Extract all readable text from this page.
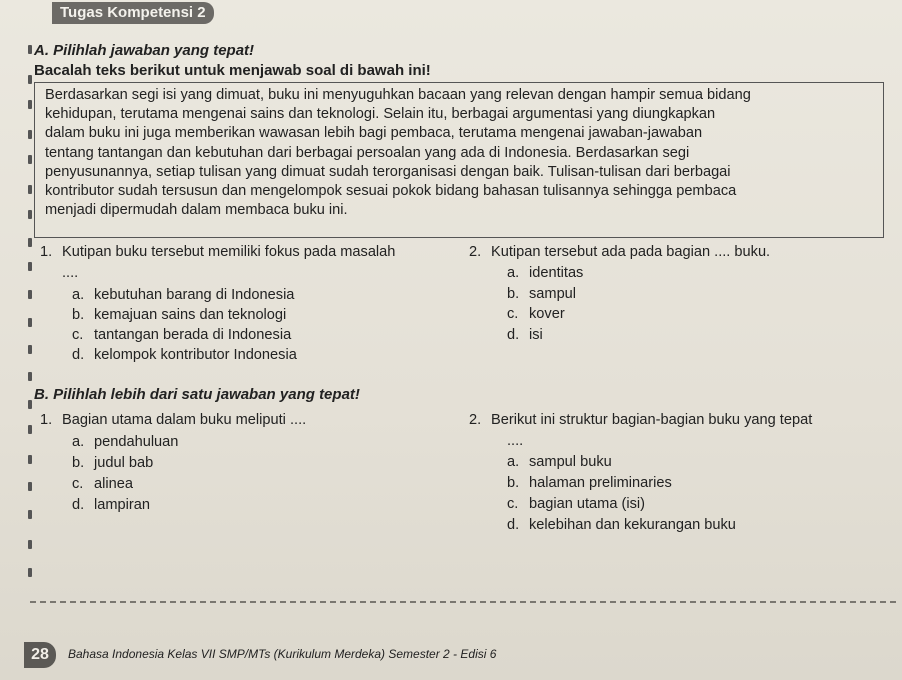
Tugas Kompetensi 2
A. Pilihlah jawaban yang tepat!
Bacalah teks berikut untuk menjawab soal di bawah ini!

Berdasarkan segi isi yang dimuat, buku ini menyuguhkan bacaan yang relevan dengan hampir semua bidang

kehidupan, terutama mengenai sains dan teknologi. Selain itu, berbagai argumentasi yang diungkapkan

dalam buku ini juga memberikan wawasan lebih bagi pembaca, terutama mengenai jawaban-jawaban

tentang tantangan dan kebutuhan dari berbagai persoalan yang ada di Indonesia. Berdasarkan segi

penyusunannya, setiap tulisan yang dimuat sudah terorganisasi dengan baik. Tulisan-tulisan dari berbagai

kontributor sudah tersusun dan mengelompok sesuai pokok bidang bahasan tulisannya sehingga pembaca

menjadi dipermudah dalam membaca buku ini.

1. Kutipan buku tersebut memiliki fokus pada masalah
....
a. kebutuhan barang di Indonesia
b. kemajuan sains dan teknologi
c. tantangan berada di Indonesia
d. kelompok kontributor Indonesia
2. Kutipan tersebut ada pada bagian .... buku.
a. identitas
b. sampul
c. kover
d. isi
B. Pilihlah lebih dari satu jawaban yang tepat!
1. Bagian utama dalam buku meliputi ....
a. pendahuluan
b. judul bab
c. alinea
d. lampiran
2. Berikut ini struktur bagian-bagian buku yang tepat
....
a. sampul buku
b. halaman preliminaries
c. bagian utama (isi)
d. kelebihan dan kekurangan buku
28	Bahasa Indonesia Kelas VII SMP/MTs (Kurikulum Merdeka) Semester 2 - Edisi 6
